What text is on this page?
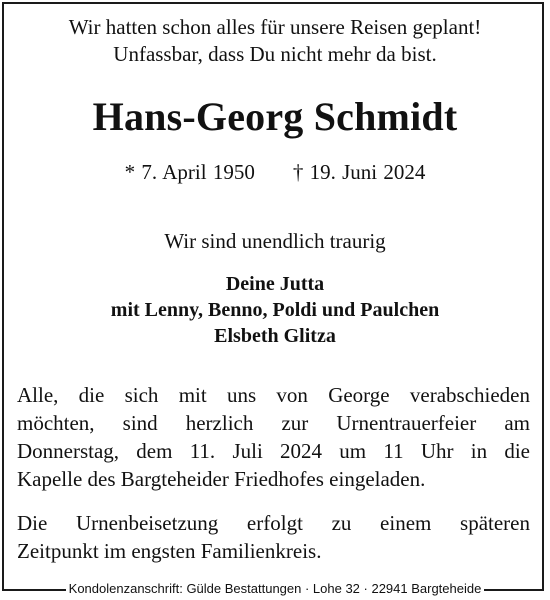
Wir hatten schon alles für unsere Reisen geplant!
Unfassbar, dass Du nicht mehr da bist.
Hans-Georg Schmidt
* 7. April 1950 † 19. Juni 2024
Wir sind unendlich traurig
Deine Jutta
mit Lenny, Benno, Poldi und Paulchen
Elsbeth Glitza
Alle, die sich mit uns von George verabschieden
möchten, sind herzlich zur Urnentrauerfeier am
Donnerstag, dem 11. Juli 2024 um 11 Uhr in die
Kapelle des Bargteheider Friedhofes eingeladen.
Die Urnenbeisetzung erfolgt zu einem späteren
Zeitpunkt im engsten Familienkreis.
Kondolenzanschrift: Gülde Bestattungen · Lohe 32 · 22941 Bargteheide
